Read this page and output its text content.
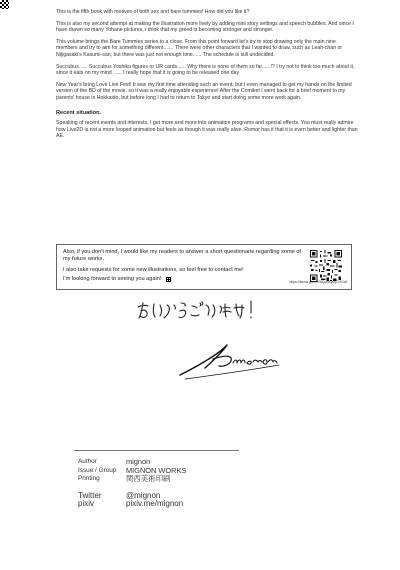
This is the fifth book with motives of both sex and bare tummies! How did you like it?

This is also my second attempt at making the illustration more lively by adding mini story settings and speech bubbles. And since I have drawn so many Yohane pictures, I think that my greed is becoming stronger and stronger.

This volume brings the Bare Tummies series to a close. From this point forward let's try to stop drawing only the main nine members and try to aim for something different....... There were other characters that I wanted to draw, such as Leah-chan or Nijigasaki's Kasumi-san, but there was just not enough time...... The schedule is still undecided.

Succubus...... Succubus Yoshiko figures or UR cards...... Why there is none of them so far......!? I try not to think too much about it, since it eats on my mind ...... I really hope that it is going to be released one day

New Year's bring Love Live Fest! It was my first time attending such an event, but I even managed to get my hands on the limited version of the BD of the movie, so it was a really enjoyable experience! After the Comiket I went back for a brief moment to my parents' house in Hokkaido, but before long I had to return to Tokyo and start doing some more work again.

Recent situation.

Speaking of recent events and interests, I get more and more into animation programs and special effects. You must really admire how Live2D is not a more looped animation but feels as though it was really alive. Romor has it that it is even better and lighter than AE.

Also, if you don't mind, I would like my readers to answer a short questionarie regarding some of my future works.

I also take requests for some new illustrations, so feel free to contact me!

I'm looking forward to seeing you again!	https://forms.gle/e7NtQutsbyoyCHCx8
Author	mignon
Issue / Group	MIGNON WORKS
Printing	関西美術印刷
Twitter	@mignon
pixiv	pixiv.me/mignon
